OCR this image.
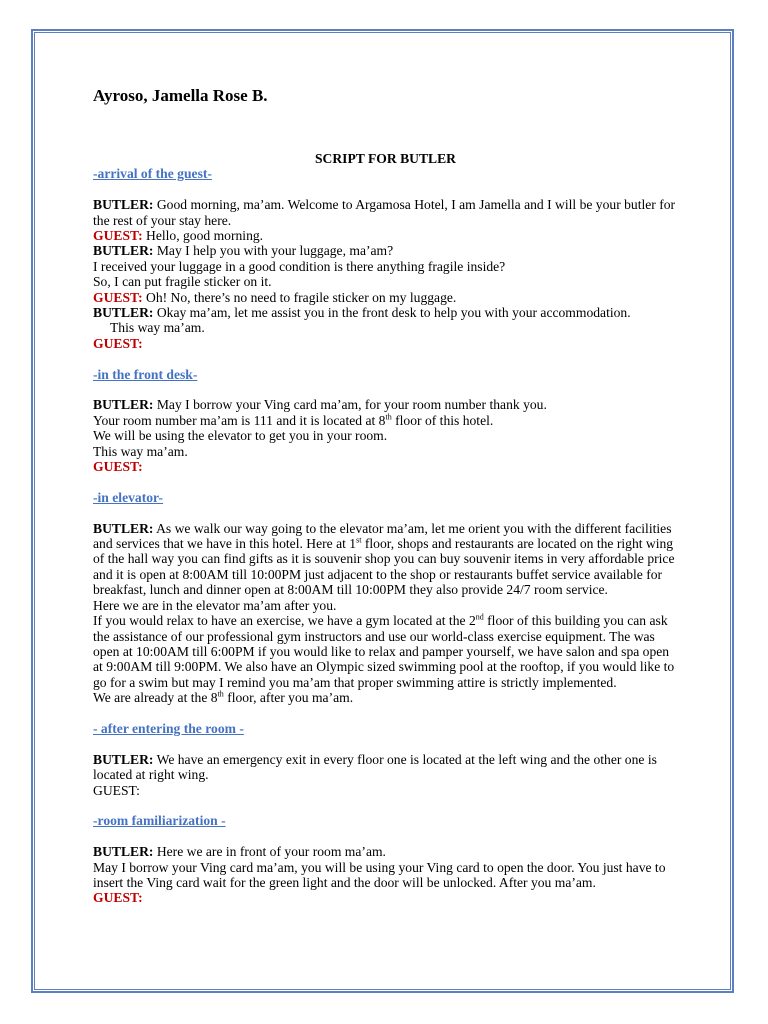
Ayroso, Jamella Rose B.

SCRIPT FOR BUTLER

-arrival of the guest-

BUTLER: Good morning, ma’am. Welcome to Argamosa Hotel, I am Jamella and I will be your butler for the rest of your stay here.

GUEST: Hello, good morning.

BUTLER: May I help you with your luggage, ma’am?

I received your luggage in a good condition is there anything fragile inside?

So, I can put fragile sticker on it.

GUEST: Oh! No, there’s no need to fragile sticker on my luggage.

BUTLER: Okay ma’am, let me assist you in the front desk to help you with your accommodation.

This way ma’am.

GUEST:

-in the front desk-

BUTLER: May I borrow your Ving card ma’am, for your room number thank you.

Your room number ma’am is 111 and it is located at 8th floor of this hotel.

We will be using the elevator to get you in your room.

This way ma’am.

GUEST:

-in elevator-

BUTLER: As we walk our way going to the elevator ma’am, let me orient you with the different facilities and services that we have in this hotel. Here at 1st floor, shops and restaurants are located on the right wing of the hall way you can find gifts as it is souvenir shop you can buy souvenir items in very affordable price and it is open at 8:00AM till 10:00PM just adjacent to the shop or restaurants buffet service available for breakfast, lunch and dinner open at 8:00AM till 10:00PM they also provide 24/7 room service.

Here we are in the elevator ma’am after you.

If you would relax to have an exercise, we have a gym located at the 2nd floor of this building you can ask the assistance of our professional gym instructors and use our world-class exercise equipment. The was open at 10:00AM till 6:00PM if you would like to relax and pamper yourself, we have salon and spa open at 9:00AM till 9:00PM. We also have an Olympic sized swimming pool at the rooftop, if you would like to go for a swim but may I remind you ma’am that proper swimming attire is strictly implemented.

We are already at the 8th floor, after you ma’am.

- after entering the room -

BUTLER: We have an emergency exit in every floor one is located at the left wing and the other one is located at right wing.

GUEST:

-room familiarization -

BUTLER: Here we are in front of your room ma’am.

May I borrow your Ving card ma’am, you will be using your Ving card to open the door. You just have to insert the Ving card wait for the green light and the door will be unlocked. After you ma’am.

GUEST:
